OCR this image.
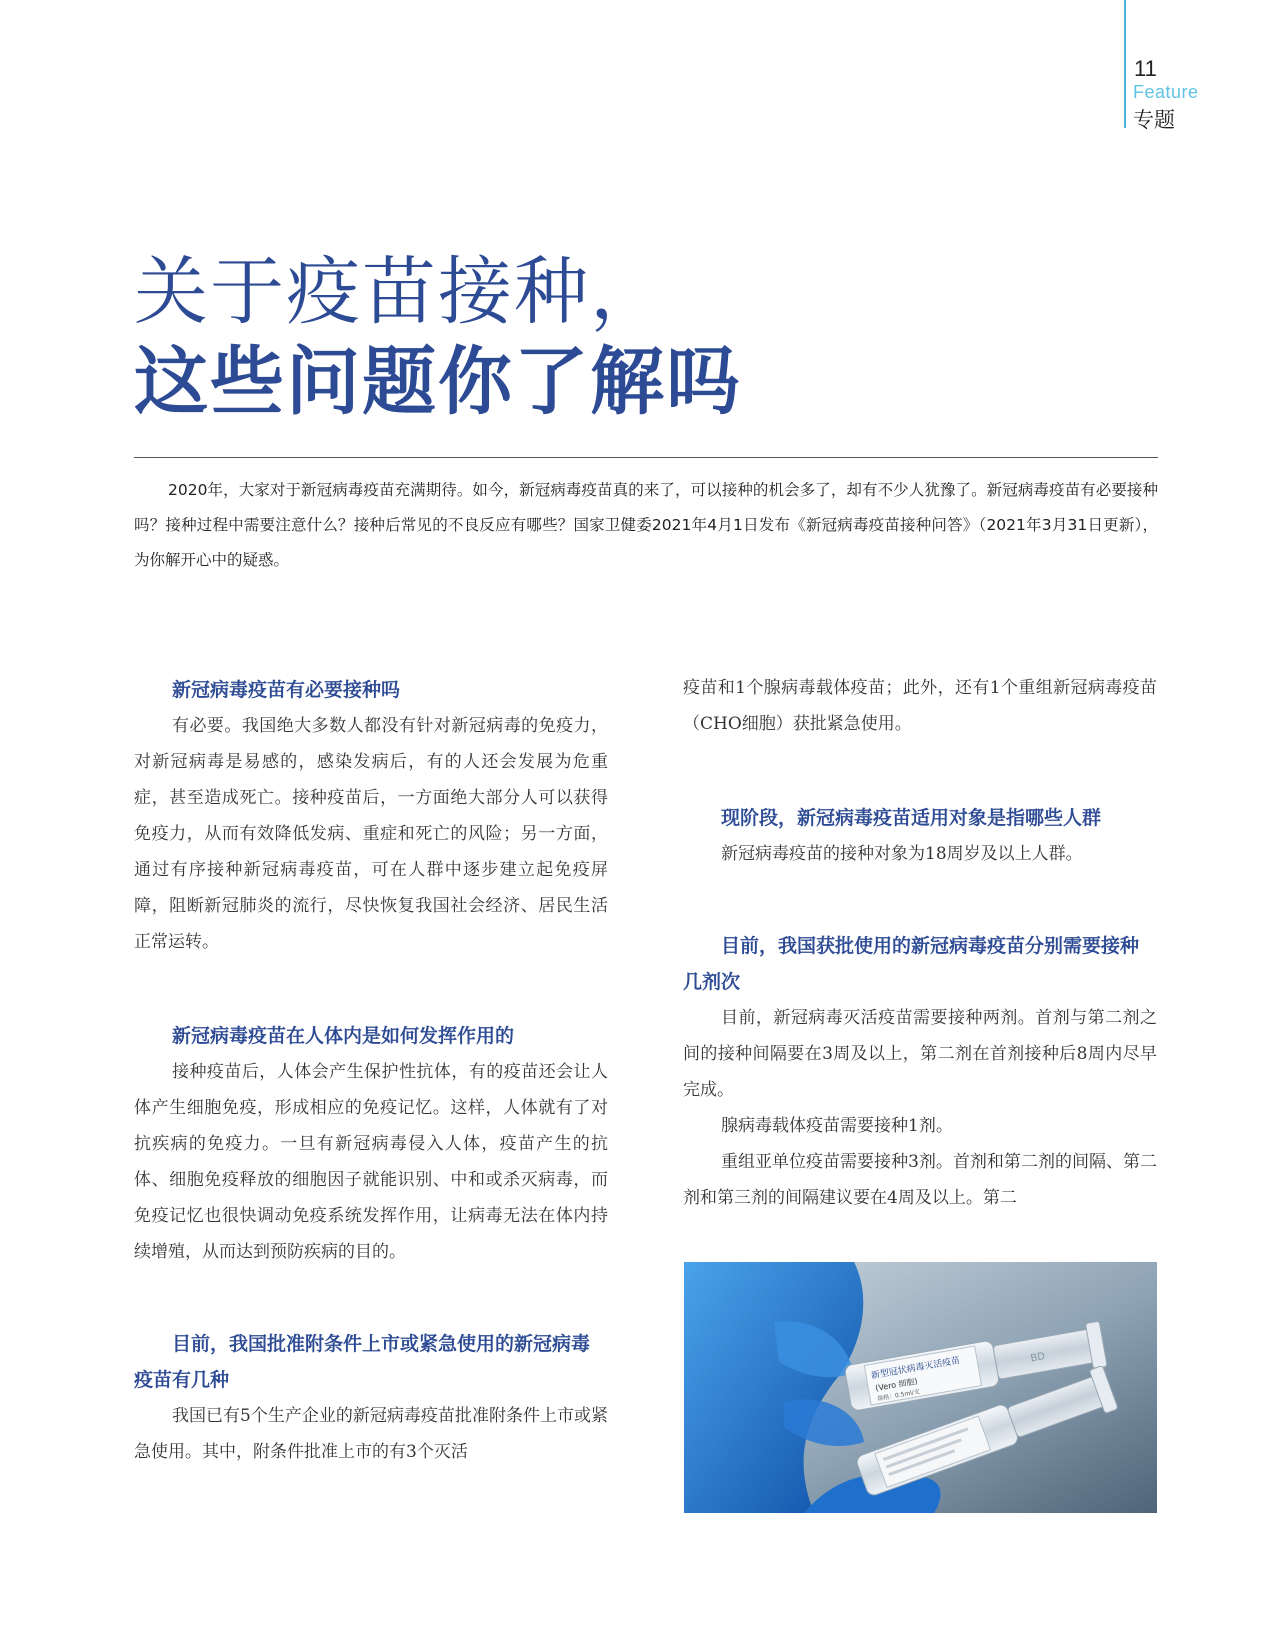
11
Feature
专题
关于疫苗接种，
这些问题你了解吗

2020年，大家对于新冠病毒疫苗充满期待。如今，新冠病毒疫苗真的来了，可以接种的机会多了，却有不少人犹豫了。新冠病毒疫苗有必要接种吗？接种过程中需要注意什么？接种后常见的不良反应有哪些？国家卫健委2021年4月1日发布《新冠病毒疫苗接种问答》（2021年3月31日更新），为你解开心中的疑惑。

新冠病毒疫苗有必要接种吗

有必要。我国绝大多数人都没有针对新冠病毒的免疫力，对新冠病毒是易感的，感染发病后，有的人还会发展为危重症，甚至造成死亡。接种疫苗后，一方面绝大部分人可以获得免疫力，从而有效降低发病、重症和死亡的风险；另一方面，通过有序接种新冠病毒疫苗，可在人群中逐步建立起免疫屏障，阻断新冠肺炎的流行，尽快恢复我国社会经济、居民生活正常运转。

新冠病毒疫苗在人体内是如何发挥作用的

接种疫苗后，人体会产生保护性抗体，有的疫苗还会让人体产生细胞免疫，形成相应的免疫记忆。这样，人体就有了对抗疾病的免疫力。一旦有新冠病毒侵入人体，疫苗产生的抗体、细胞免疫释放的细胞因子就能识别、中和或杀灭病毒，而免疫记忆也很快调动免疫系统发挥作用，让病毒无法在体内持续增殖，从而达到预防疾病的目的。

目前，我国批准附条件上市或紧急使用的新冠病毒疫苗有几种

我国已有5个生产企业的新冠病毒疫苗批准附条件上市或紧急使用。其中，附条件批准上市的有3个灭活

疫苗和1个腺病毒载体疫苗；此外，还有1个重组新冠病毒疫苗（CHO细胞）获批紧急使用。

现阶段，新冠病毒疫苗适用对象是指哪些人群

新冠病毒疫苗的接种对象为18周岁及以上人群。

目前，我国获批使用的新冠病毒疫苗分别需要接种几剂次

目前，新冠病毒灭活疫苗需要接种两剂。首剂与第二剂之间的接种间隔要在3周及以上，第二剂在首剂接种后8周内尽早完成。

腺病毒载体疫苗需要接种1剂。

重组亚单位疫苗需要接种3剂。首剂和第二剂的间隔、第二剂和第三剂的间隔建议要在4周及以上。第二

新型冠状病毒灭活疫苗
(Vero 细胞)
规格：0.5ml/支
BD
